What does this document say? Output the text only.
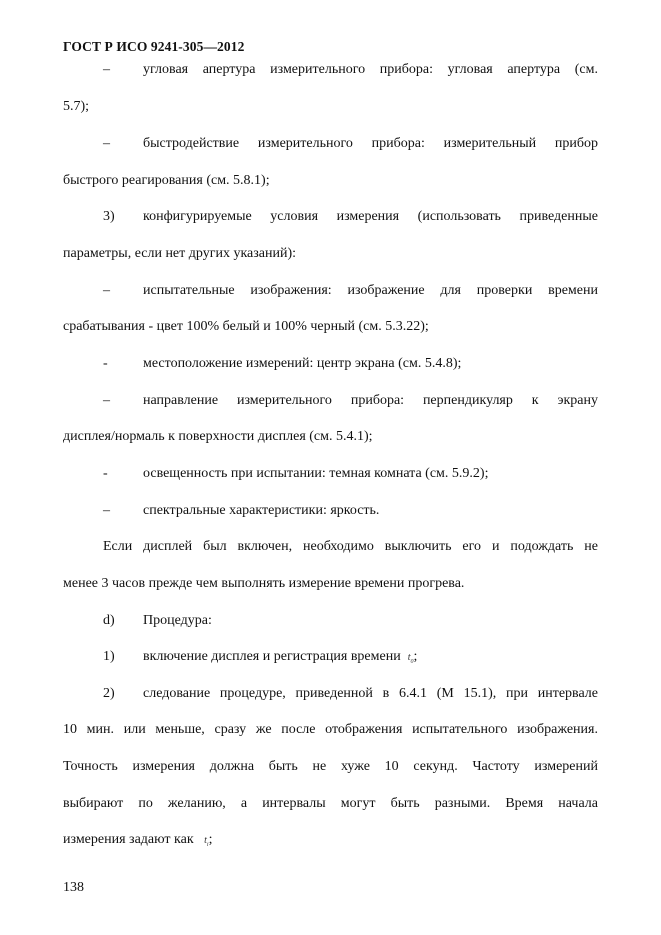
ГОСТ Р ИСО 9241-305—2012
– угловая апертура измерительного прибора: угловая апертура (см.
5.7);
– быстродействие измерительного прибора: измерительный прибор
быстрого реагирования (см. 5.8.1);
3) конфигурируемые условия измерения (использовать приведенные
параметры, если нет других указаний):
– испытательные изображения: изображение для проверки времени
срабатывания - цвет 100% белый и 100% черный (см. 5.3.22);
-	местоположение измерений: центр экрана (см. 5.4.8);
– направление измерительного прибора: перпендикуляр к экрану
дисплея/нормаль к поверхности дисплея (см. 5.4.1);
-	освещенность при испытании: темная комната (см. 5.9.2);
– спектральные характеристики: яркость.
Если дисплей был включен, необходимо выключить его и подождать не
менее 3 часов прежде чем выполнять измерение времени прогрева.
d) Процедура:
1) включение дисплея и регистрация времени $t_0$;
2) следование процедуре, приведенной в 6.4.1 (М 15.1), при интервале
10 мин. или меньше, сразу же после отображения испытательного изображения.
Точность измерения должна быть не хуже 10 секунд. Частоту измерений
выбирают по желанию, а интервалы могут быть разными. Время начала
измерения задают как $t_i$;
138
